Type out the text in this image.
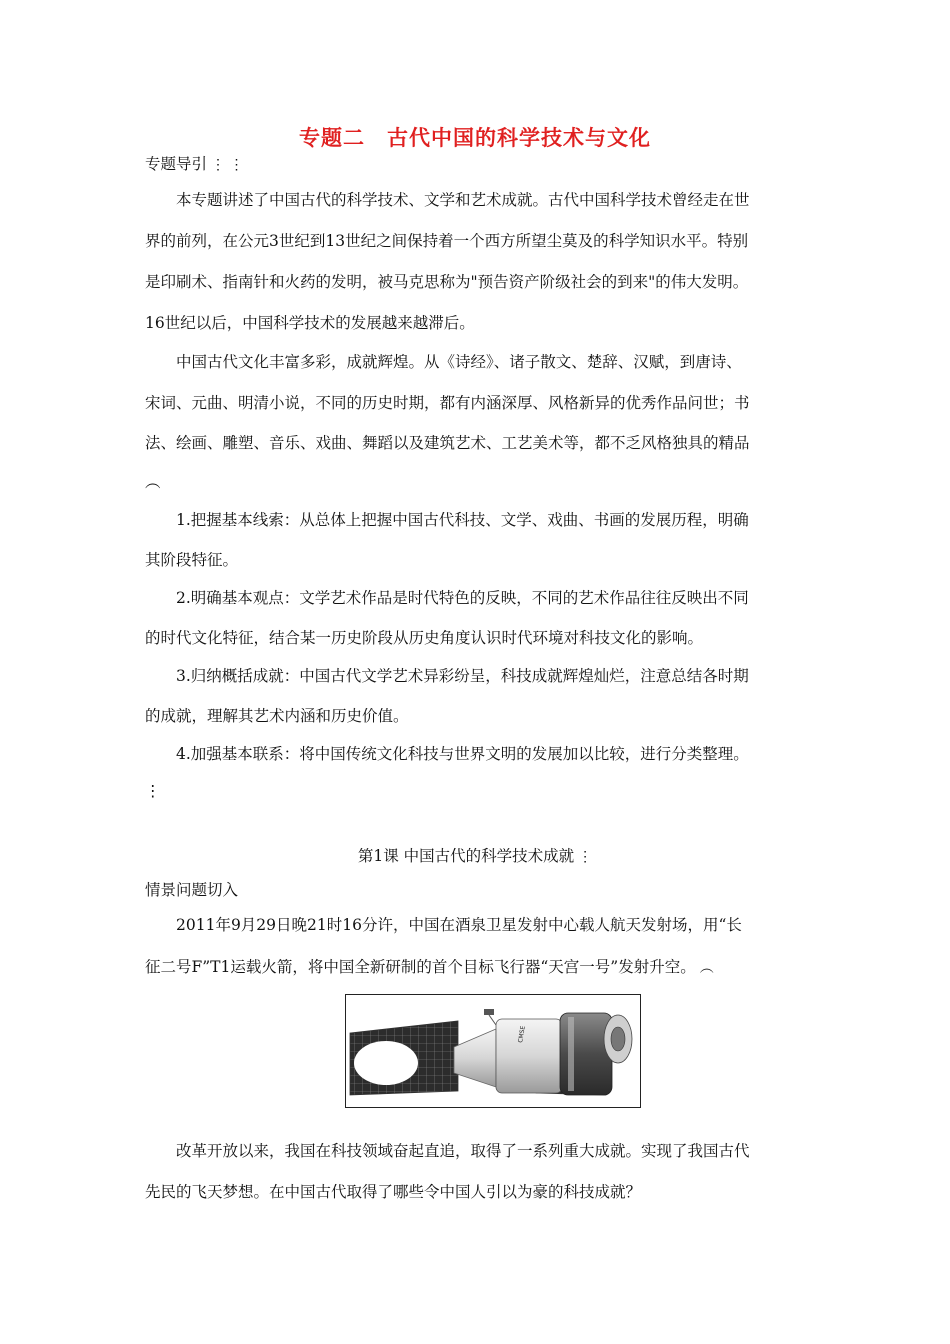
专题二　古代中国的科学技术与文化
专题导引 ⋮ ⋮
本专题讲述了中国古代的科学技术、文学和艺术成就。古代中国科学技术曾经走在世
界的前列，在公元3世纪到13世纪之间保持着一个西方所望尘莫及的科学知识水平。特别
是印刷术、指南针和火药的发明，被马克思称为"预告资产阶级社会的到来"的伟大发明。
16世纪以后，中国科学技术的发展越来越滞后。
中国古代文化丰富多彩，成就辉煌。从《诗经》、诸子散文、楚辞、汉赋，到唐诗、
宋词、元曲、明清小说，不同的历史时期，都有内涵深厚、风格新异的优秀作品问世；书
法、绘画、雕塑、音乐、戏曲、舞蹈以及建筑艺术、工艺美术等，都不乏风格独具的精品
︵
1.把握基本线索：从总体上把握中国古代科技、文学、戏曲、书画的发展历程，明确
其阶段特征。
2.明确基本观点：文学艺术作品是时代特色的反映，不同的艺术作品往往反映出不同
的时代文化特征，结合某一历史阶段从历史角度认识时代环境对科技文化的影响。
3.归纳概括成就：中国古代文学艺术异彩纷呈，科技成就辉煌灿烂，注意总结各时期
的成就，理解其艺术内涵和历史价值。
4.加强基本联系：将中国传统文化科技与世界文明的发展加以比较，进行分类整理。
⋮
第1课 中国古代的科学技术成就 ⋮
情景问题切入
2011年9月29日晚21时16分许，中国在酒泉卫星发射中心载人航天发射场，用“长
征二号F”T1运载火箭，将中国全新研制的首个目标飞行器“天宫一号”发射升空。 ︵
CMSE
改革开放以来，我国在科技领域奋起直追，取得了一系列重大成就。实现了我国古代
先民的飞天梦想。在中国古代取得了哪些令中国人引以为豪的科技成就？
